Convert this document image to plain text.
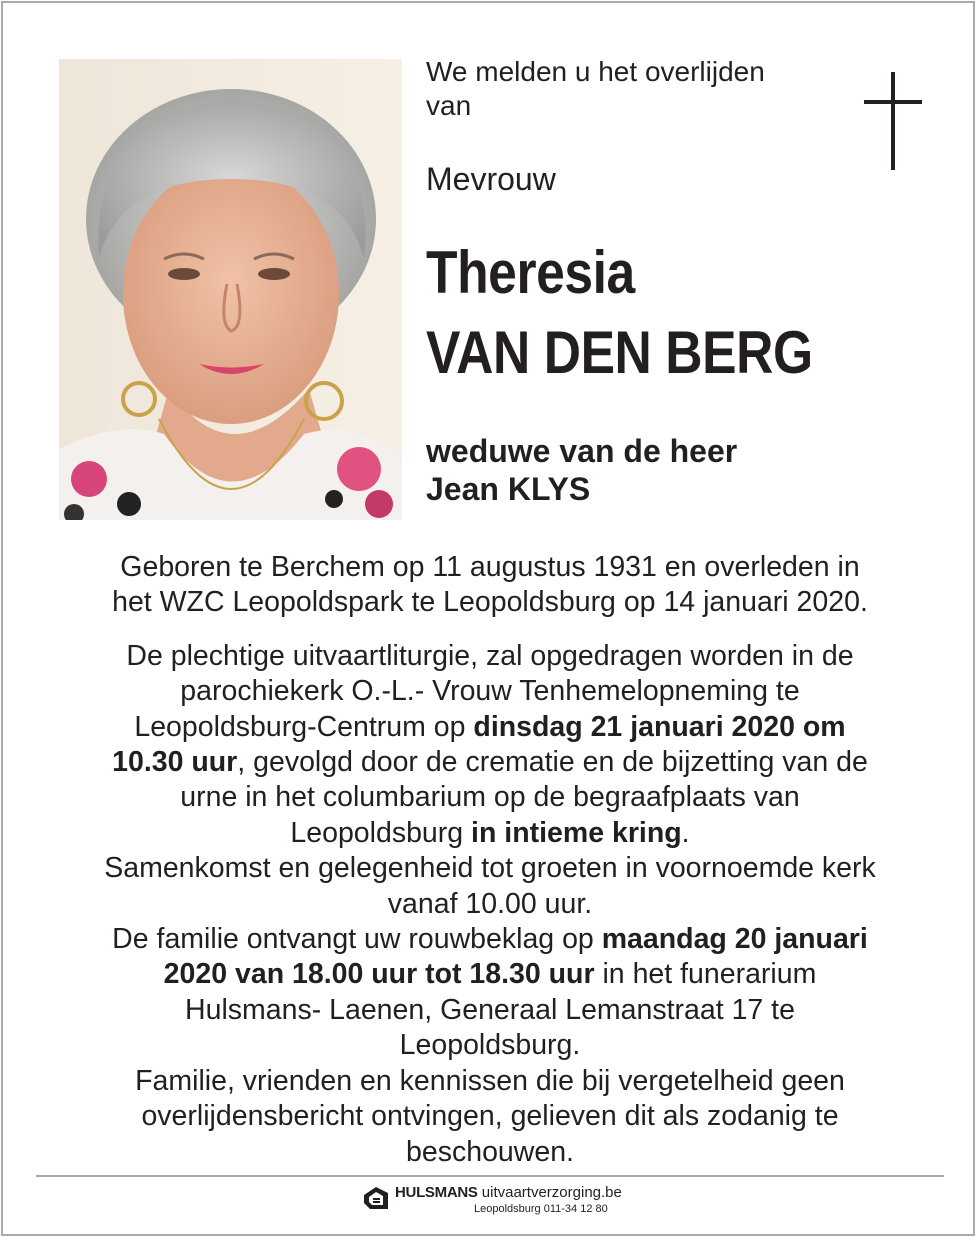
We melden u het overlijden
van
Mevrouw
Theresia
VAN DEN BERG
weduwe van de heer
Jean KLYS

Geboren te Berchem op 11 augustus 1931 en overleden in

het WZC Leopoldspark te Leopoldsburg op 14 januari 2020.

De plechtige uitvaartliturgie, zal opgedragen worden in de

parochiekerk O.-L.- Vrouw Tenhemelopneming te

Leopoldsburg-Centrum op dinsdag 21 januari 2020 om

10.30 uur, gevolgd door de crematie en de bijzetting van de

urne in het columbarium op de begraafplaats van

Leopoldsburg in intieme kring.

Samenkomst en gelegenheid tot groeten in voornoemde kerk

vanaf 10.00 uur.

De familie ontvangt uw rouwbeklag op maandag 20 januari

2020 van 18.00 uur tot 18.30 uur in het funerarium

Hulsmans- Laenen, Generaal Lemanstraat 17 te

Leopoldsburg.

Familie, vrienden en kennissen die bij vergetelheid geen

overlijdensbericht ontvingen, gelieven dit als zodanig te

beschouwen.

HULSMANS uitvaartverzorging.be
Leopoldsburg 011-34 12 80
